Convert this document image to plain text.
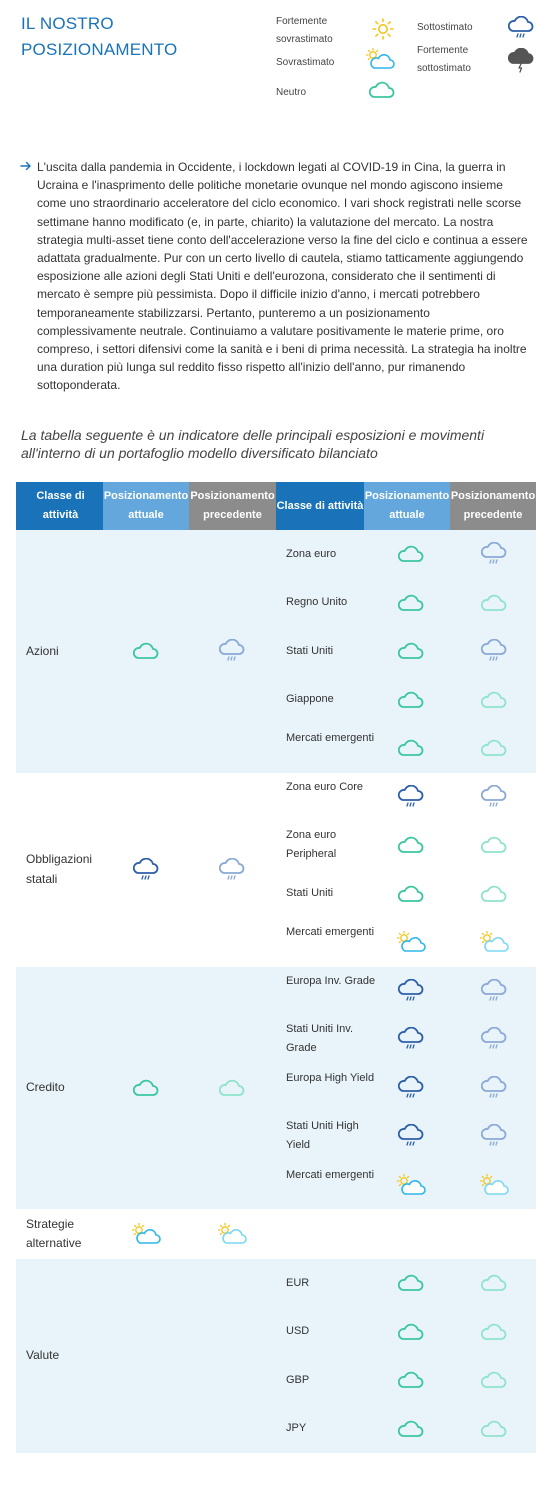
IL NOSTRO POSIZIONAMENTO
Fortemente sovrastimato
Sovrastimato
Neutro
Sottostimato
Fortemente sottostimato

L'uscita dalla pandemia in Occidente, i lockdown legati al COVID-19 in Cina, la guerra in Ucraina e l'inasprimento delle politiche monetarie ovunque nel mondo agiscono insieme come uno straordinario acceleratore del ciclo economico. I vari shock registrati nelle scorse settimane hanno modificato (e, in parte, chiarito) la valutazione del mercato. La nostra strategia multi-asset tiene conto dell'accelerazione verso la fine del ciclo e continua a essere adattata gradualmente. Pur con un certo livello di cautela, stiamo tatticamente aggiungendo esposizione alle azioni degli Stati Uniti e dell'eurozona, considerato che il sentimenti di mercato è sempre più pessimista. Dopo il difficile inizio d'anno, i mercati potrebbero temporaneamente stabilizzarsi. Pertanto, punteremo a un posizionamento complessivamente neutrale. Continuiamo a valutare positivamente le materie prime, oro compreso, i settori difensivi come la sanità e i beni di prima necessità. La strategia ha inoltre una duration più lunga sul reddito fisso rispetto all'inizio dell'anno, pur rimanendo sottoponderata.

La tabella seguente è un indicatore delle principali esposizioni e movimenti all'interno di un portafoglio modello diversificato bilanciato

Classe di attività
Posizionamento attuale
Posizionamento precedente
Classe di attività
Posizionamento attuale
Posizionamento precedente
Azioni
Zona euro
Regno Unito
Stati Uniti
Giappone
Mercati emergenti
Obbligazioni statali
Zona euro Core
Zona euro Peripheral
Stati Uniti
Mercati emergenti
Credito
Europa Inv. Grade
Stati Uniti Inv. Grade
Europa High Yield
Stati Uniti High Yield
Mercati emergenti
Strategie alternative
Valute
EUR
USD
GBP
JPY
